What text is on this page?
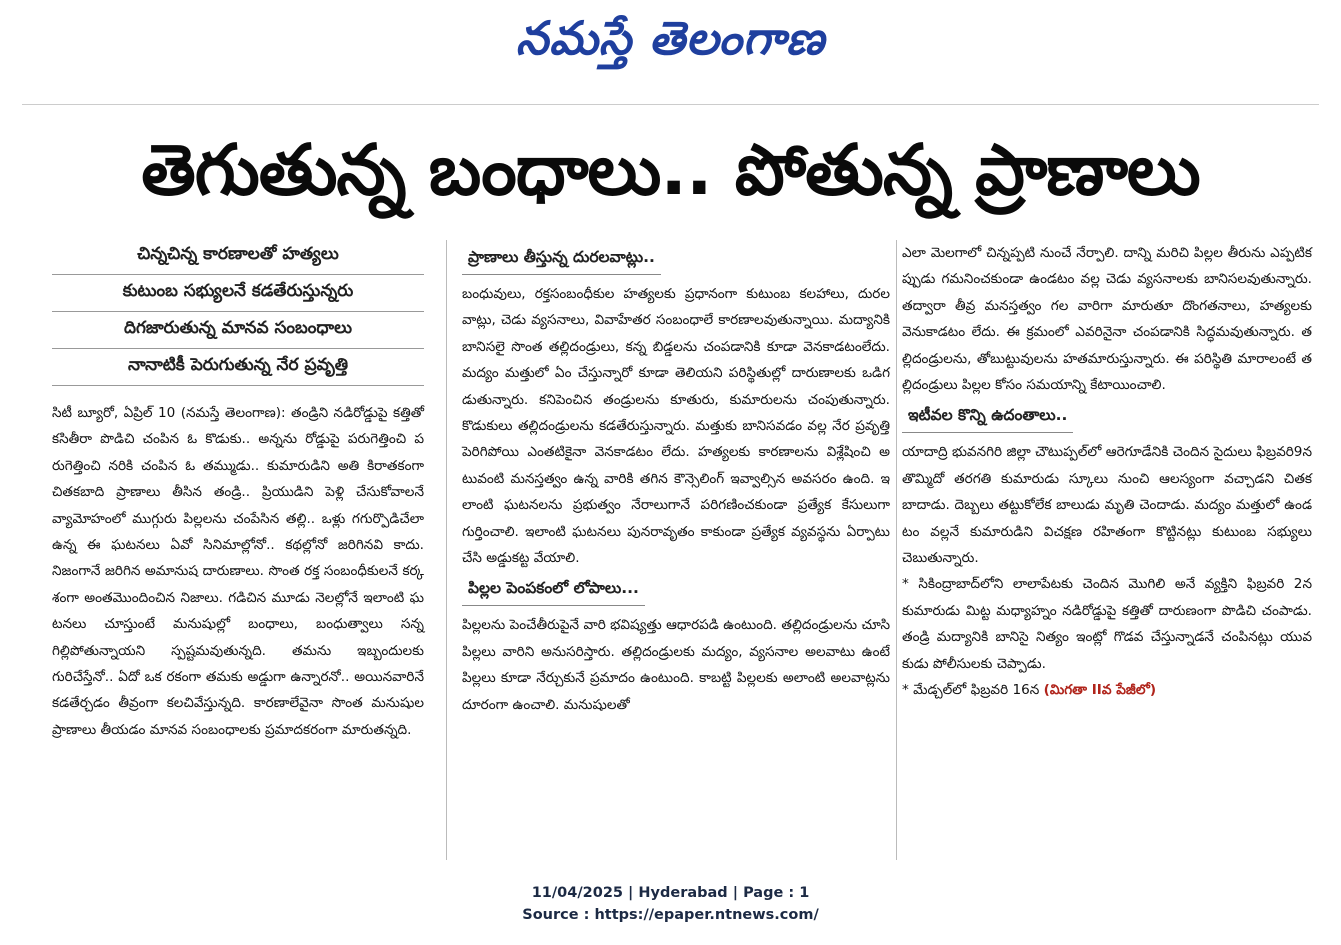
నమస్తే తెలంగాణ
తెగుతున్న బంధాలు.. పోతున్న ప్రాణాలు
చిన్నచిన్న కారణాలతో హత్యలు
కుటుంబ సభ్యులనే కడతేరుస్తున్నరు
దిగజారుతున్న మానవ సంబంధాలు
నానాటికీ పెరుగుతున్న నేర ప్రవృత్తి

సిటీ బ్యూరో, ఏప్రిల్ 10 (నమస్తే తెలంగాణ): తండ్రిని నడిరోడ్డుపై కత్తితో కసితీరా పొడిచి చంపిన ఓ కొడుకు.. అన్నను రోడ్డుపై పరుగెత్తించి పరుగెత్తించి నరికి చంపిన ఓ తమ్ముడు.. కుమారుడిని అతి కిరాతకంగా చితకబాది ప్రాణాలు తీసిన తండ్రి.. ప్రియుడిని పెళ్లి చేసుకోవాలనే వ్యామోహంలో ముగ్గురు పిల్లలను చంపేసిన తల్లి.. ఒళ్లు గగుర్పొడిచేలా ఉన్న ఈ ఘటనలు ఏవో సినిమాల్లోనో.. కథల్లోనో జరిగినవి కాదు. నిజంగానే జరిగిన అమానుష దారుణాలు. సొంత రక్త సంబంధీకులనే కర్కశంగా అంతమొందించిన నిజాలు. గడిచిన మూడు నెలల్లోనే ఇలాంటి ఘటనలు చూస్తుంటే మనుషుల్లో బంధాలు, బంధుత్వాలు సన్నగిల్లిపోతున్నాయని స్పష్టమవుతున్నది. తమను ఇబ్బందులకు గురిచేస్తేనో.. ఏదో ఒక రకంగా తమకు అడ్డుగా ఉన్నారనో.. అయినవారినే కడతేర్చడం తీవ్రంగా కలచివేస్తున్నది. కారణాలేవైనా సొంత మనుషుల ప్రాణాలు తీయడం మానవ సంబంధాలకు ప్రమాదకరంగా మారుతన్నది.

ప్రాణాలు తీస్తున్న దురలవాట్లు..

బంధువులు, రక్తసంబంధీకుల హత్యలకు ప్రధానంగా కుటుంబ కలహాలు, దురలవాట్లు, చెడు వ్యసనాలు, వివాహేతర సంబంధాలే కారణాలవుతున్నాయి. మద్యానికి బానిసలై సొంత తల్లిదండ్రులు, కన్న బిడ్డలను చంపడానికి కూడా వెనకాడటంలేదు. మద్యం మత్తులో ఏం చేస్తున్నారో కూడా తెలియని పరిస్థితుల్లో దారుణాలకు ఒడిగడుతున్నారు. కనిపెంచిన తండ్రులను కూతురు, కుమారులను చంపుతున్నారు. కొడుకులు తల్లిదండ్రులను కడతేరుస్తున్నారు. మత్తుకు బానిసవడం వల్ల నేర ప్రవృత్తి పెరిగిపోయి ఎంతటికైనా వెనకాడటం లేదు. హత్యలకు కారణాలను విశ్లేషించి అటువంటి మనస్తత్వం ఉన్న వారికి తగిన కౌన్సెలింగ్ ఇవ్వాల్సిన అవసరం ఉంది. ఇలాంటి ఘటనలను ప్రభుత్వం నేరాలుగానే పరిగణించకుండా ప్రత్యేక కేసులుగా గుర్తించాలి. ఇలాంటి ఘటనలు పునరావృతం కాకుండా ప్రత్యేక వ్యవస్థను ఏర్పాటు చేసి అడ్డుకట్ట వేయాలి.

పిల్లల పెంపకంలో లోపాలు...

పిల్లలను పెంచేతీరుపైనే వారి భవిష్యత్తు ఆధారపడి ఉంటుంది. తల్లిదండ్రులను చూసి పిల్లలు వారిని అనుసరిస్తారు. తల్లిదండ్రులకు మద్యం, వ్యసనాల అలవాటు ఉంటే పిల్లలు కూడా నేర్చుకునే ప్రమాదం ఉంటుంది. కాబట్టి పిల్లలకు అలాంటి అలవాట్లను దూరంగా ఉంచాలి. మనుషులతో

ఎలా మెలగాలో చిన్నప్పటి నుంచే నేర్పాలి. దాన్ని మరిచి పిల్లల తీరును ఎప్పటికప్పుడు గమనించకుండా ఉండటం వల్ల చెడు వ్యసనాలకు బానిసలవుతున్నారు. తద్వారా తీవ్ర మనస్తత్వం గల వారిగా మారుతూ దొంగతనాలు, హత్యలకు వెనుకాడటం లేదు. ఈ క్రమంలో ఎవరినైనా చంపడానికి సిద్ధమవుతున్నారు. తల్లిదండ్రులను, తోబుట్టువులను హతమారుస్తున్నారు. ఈ పరిస్థితి మారాలంటే తల్లిదండ్రులు పిల్లల కోసం సమయాన్ని కేటాయించాలి.

ఇటీవల కొన్ని ఉదంతాలు..

యాదాద్రి భువనగిరి జిల్లా చౌటుప్పల్‌లో ఆరెగూడేనికి చెందిన సైదులు ఫిబ్రవరి9న తొమ్మిదో తరగతి కుమారుడు స్కూలు నుంచి ఆలస్యంగా వచ్చాడని చితకబాదాడు. దెబ్బలు తట్టుకోలేక బాలుడు మృతి చెందాడు. మద్యం మత్తులో ఉండటం వల్లనే కుమారుడిని విచక్షణ రహితంగా కొట్టినట్లు కుటుంబ సభ్యులు చెబుతున్నారు.

* సికింద్రాబాద్‌లోని లాలాపేటకు చెందిన మొగిలి అనే వ్యక్తిని ఫిబ్రవరి 2న కుమారుడు మిట్ట మధ్యాహ్నం నడిరోడ్డుపై కత్తితో దారుణంగా పొడిచి చంపాడు. తండ్రి మద్యానికి బానిసై నిత్యం ఇంట్లో గొడవ చేస్తున్నాడనే చంపినట్లు యువకుడు పోలీసులకు చెప్పాడు.

* మేడ్చల్‌లో ఫిబ్రవరి 16న (మిగతా IIవ పేజీలో)

11/04/2025 | Hyderabad | Page : 1
Source : https://epaper.ntnews.com/
